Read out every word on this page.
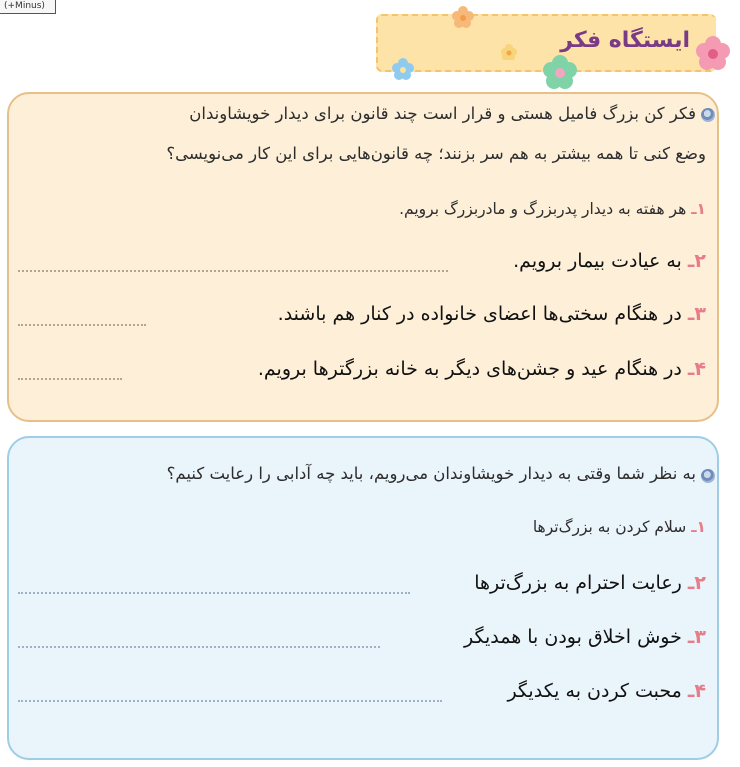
(+Minus)
ایستگاه فکر
فکر کن بزرگ فامیل هستی و قرار است چند قانون برای دیدار خویشاوندان
وضع کنی تا همه بیشتر به هم سر بزنند؛ چه قانون‌هایی برای این کار می‌نویسی؟
۱ـ هر هفته به دیدار پدربزرگ و مادربزرگ برویم.
۲ـ به عیادت بیمار برویم.
۳ـ در هنگام سختی‌ها اعضای خانواده در کنار هم باشند.
۴ـ در هنگام عید و جشن‌های دیگر به خانه بزرگترها برویم.
به نظر شما وقتی به دیدار خویشاوندان می‌رویم، باید چه آدابی را رعایت کنیم؟
۱ـ سلام کردن به بزرگ‌ترها
۲ـ رعایت احترام به بزرگ‌ترها
۳ـ خوش اخلاق بودن با همدیگر
۴ـ محبت کردن به یکدیگر
